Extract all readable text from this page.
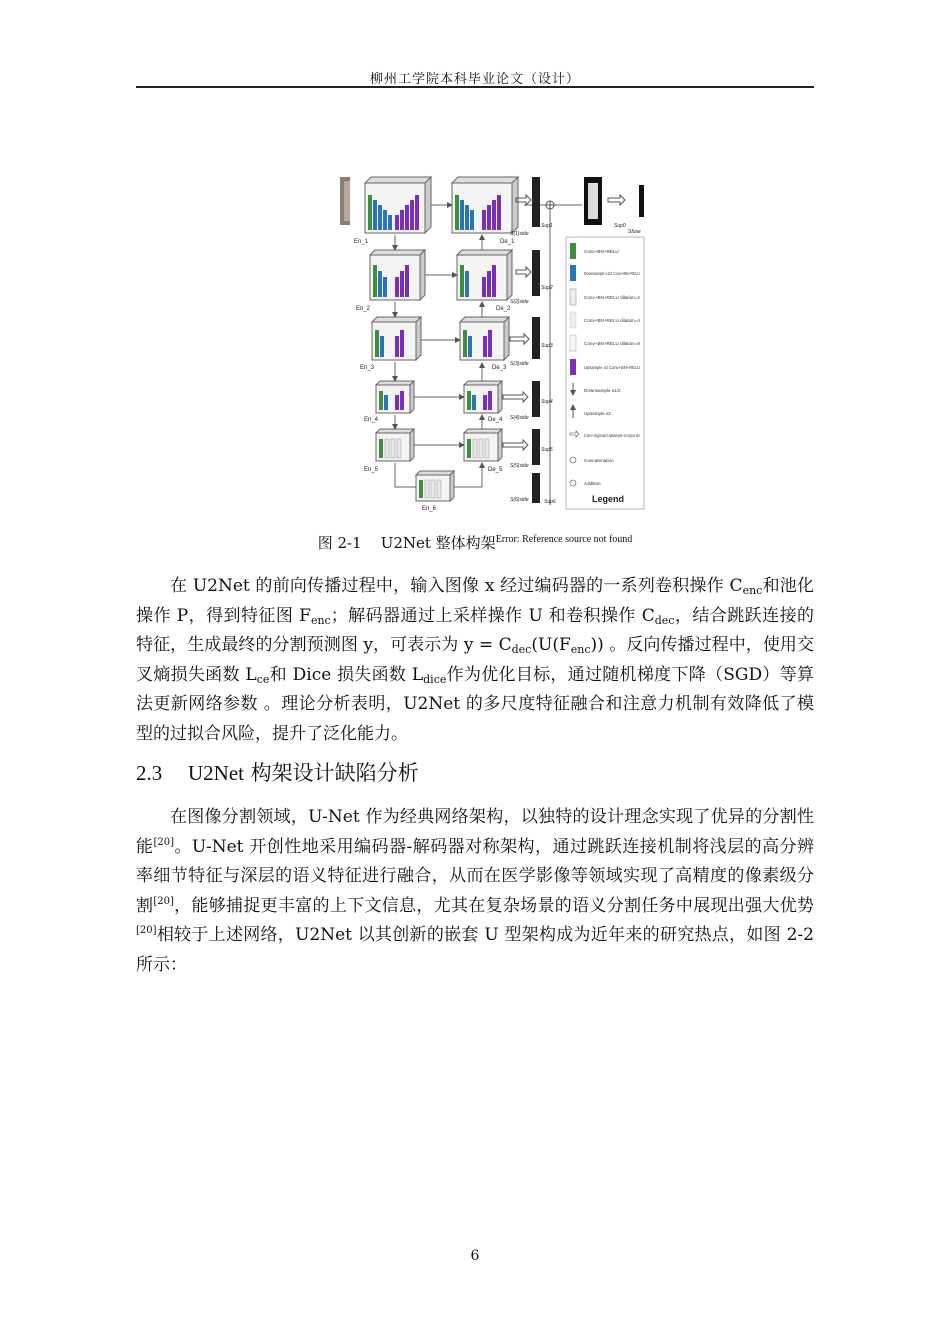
柳州工学院本科毕业论文（设计）
En_1	De_1
En_2	De_2
En_3	De_3
En_4	De_4
En_5	De_5
En_6
S(1)side
S(2)side
S(3)side
S(4)side
S(5)side
S(6)side
Sup1
Sup2
Sup3
Sup4
Sup5
Sup6
Sup0
Sfuse
Conv+BN+RELU
Downsample x1/2 Conv+BN+RELU
Conv+BN+RELU dilation=2
Conv+BN+RELU dilation=4
Conv+BN+RELU dilation=8
Upsample x2 Conv+BN+RELU
Downsample x1/2
Upsample x2
Conv+Sigmoid Upsample to input siz
Concatenation
Addition
Legend
图 2-1 U2Net 整体构架$^{Error: Reference source not found}$

在 U2Net 的前向传播过程中，输入图像 x 经过编码器的一系列卷积操作 $C_{enc}$和池化操作 P，得到特征图 $F_{enc}$；解码器通过上采样操作 U 和卷积操作 $C_{dec}$，结合跳跃连接的特征，生成最终的分割预测图 y，可表示为 $y = C_{dec}(U(F_{enc}))$ 。反向传播过程中，使用交叉熵损失函数 $L_{ce}$和 Dice 损失函数 $L_{dice}$作为优化目标，通过随机梯度下降（SGD）等算法更新网络参数 。理论分析表明，U2Net 的多尺度特征融合和注意力机制有效降低了模型的过拟合风险，提升了泛化能力。

2.3 U2Net 构架设计缺陷分析

在图像分割领域，U-Net 作为经典网络架构，以独特的设计理念实现了优异的分割性能[20]。U-Net 开创性地采用编码器-解码器对称架构，通过跳跃连接机制将浅层的高分辨率细节特征与深层的语义特征进行融合，从而在医学影像等领域实现了高精度的像素级分割[20]，能够捕捉更丰富的上下文信息，尤其在复杂场景的语义分割任务中展现出强大优势[20]相较于上述网络，U2Net 以其创新的嵌套 U 型架构成为近年来的研究热点，如图 2-2 所示：

6
